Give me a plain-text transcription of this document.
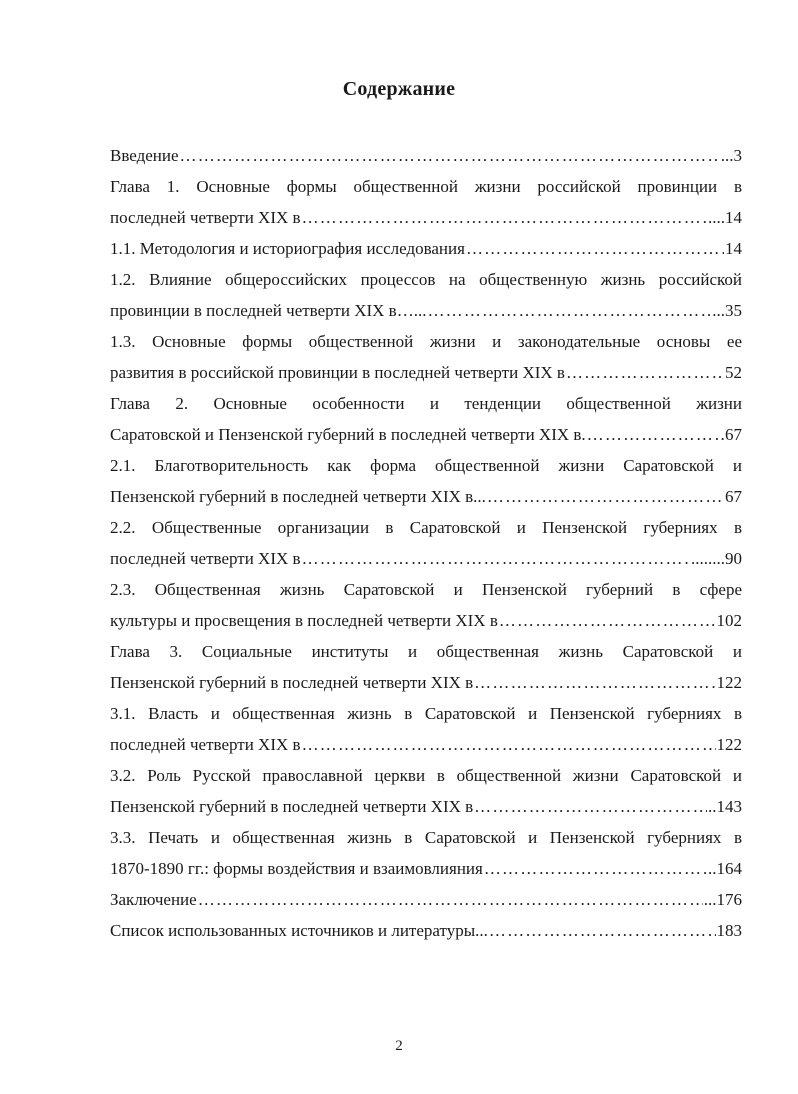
Содержание
Введение ………………………………………………………………………………………………………………………………………………………………………………………	...3
Глава 1. Основные формы общественной жизни российской провинции в
последней четверти XIX в ………………………………………………………………………………………………………………………………………………………………………………………	....14
1.1. Методология и историография исследования ………………………………………………………………………………………………………………………………………………………………………………………	14
1.2. Влияние общероссийских процессов на общественную жизнь российской
провинции в последней четверти XIX в…... ………………………………………………………………………………………………………………………………………………………………………………………	...35
1.3. Основные формы общественной жизни и законодательные основы ее
развития в российской провинции в последней четверти XIX в ………………………………………………………………………………………………………………………………………………………………………………………	52
Глава 2. Основные особенности и тенденции общественной жизни
Саратовской и Пензенской губерний в последней четверти XIX в. ………………………………………………………………………………………………………………………………………………………………………………………	67
2.1. Благотворительность как форма общественной жизни Саратовской и
Пензенской губерний в последней четверти XIX в... ………………………………………………………………………………………………………………………………………………………………………………………	67
2.2. Общественные организации в Саратовской и Пензенской губерниях в
последней четверти XIX в ………………………………………………………………………………………………………………………………………………………………………………………	........90
2.3. Общественная жизнь Саратовской и Пензенской губерний в сфере
культуры и просвещения в последней четверти XIX в ………………………………………………………………………………………………………………………………………………………………………………………	102
Глава 3. Социальные институты и общественная жизнь Саратовской и
Пензенской губерний в последней четверти XIX в ………………………………………………………………………………………………………………………………………………………………………………………	122
3.1. Власть и общественная жизнь в Саратовской и Пензенской губерниях в
последней четверти XIX в ………………………………………………………………………………………………………………………………………………………………………………………	122
3.2. Роль Русской православной церкви в общественной жизни Саратовской и
Пензенской губерний в последней четверти XIX в ………………………………………………………………………………………………………………………………………………………………………………………	..143
3.3. Печать и общественная жизнь в Саратовской и Пензенской губерниях в
1870-1890 гг.: формы воздействия и взаимовлияния ………………………………………………………………………………………………………………………………………………………………………………………	..164
Заключение ………………………………………………………………………………………………………………………………………………………………………………………	...176
Список использованных источников и литературы... ………………………………………………………………………………………………………………………………………………………………………………………	183
2
